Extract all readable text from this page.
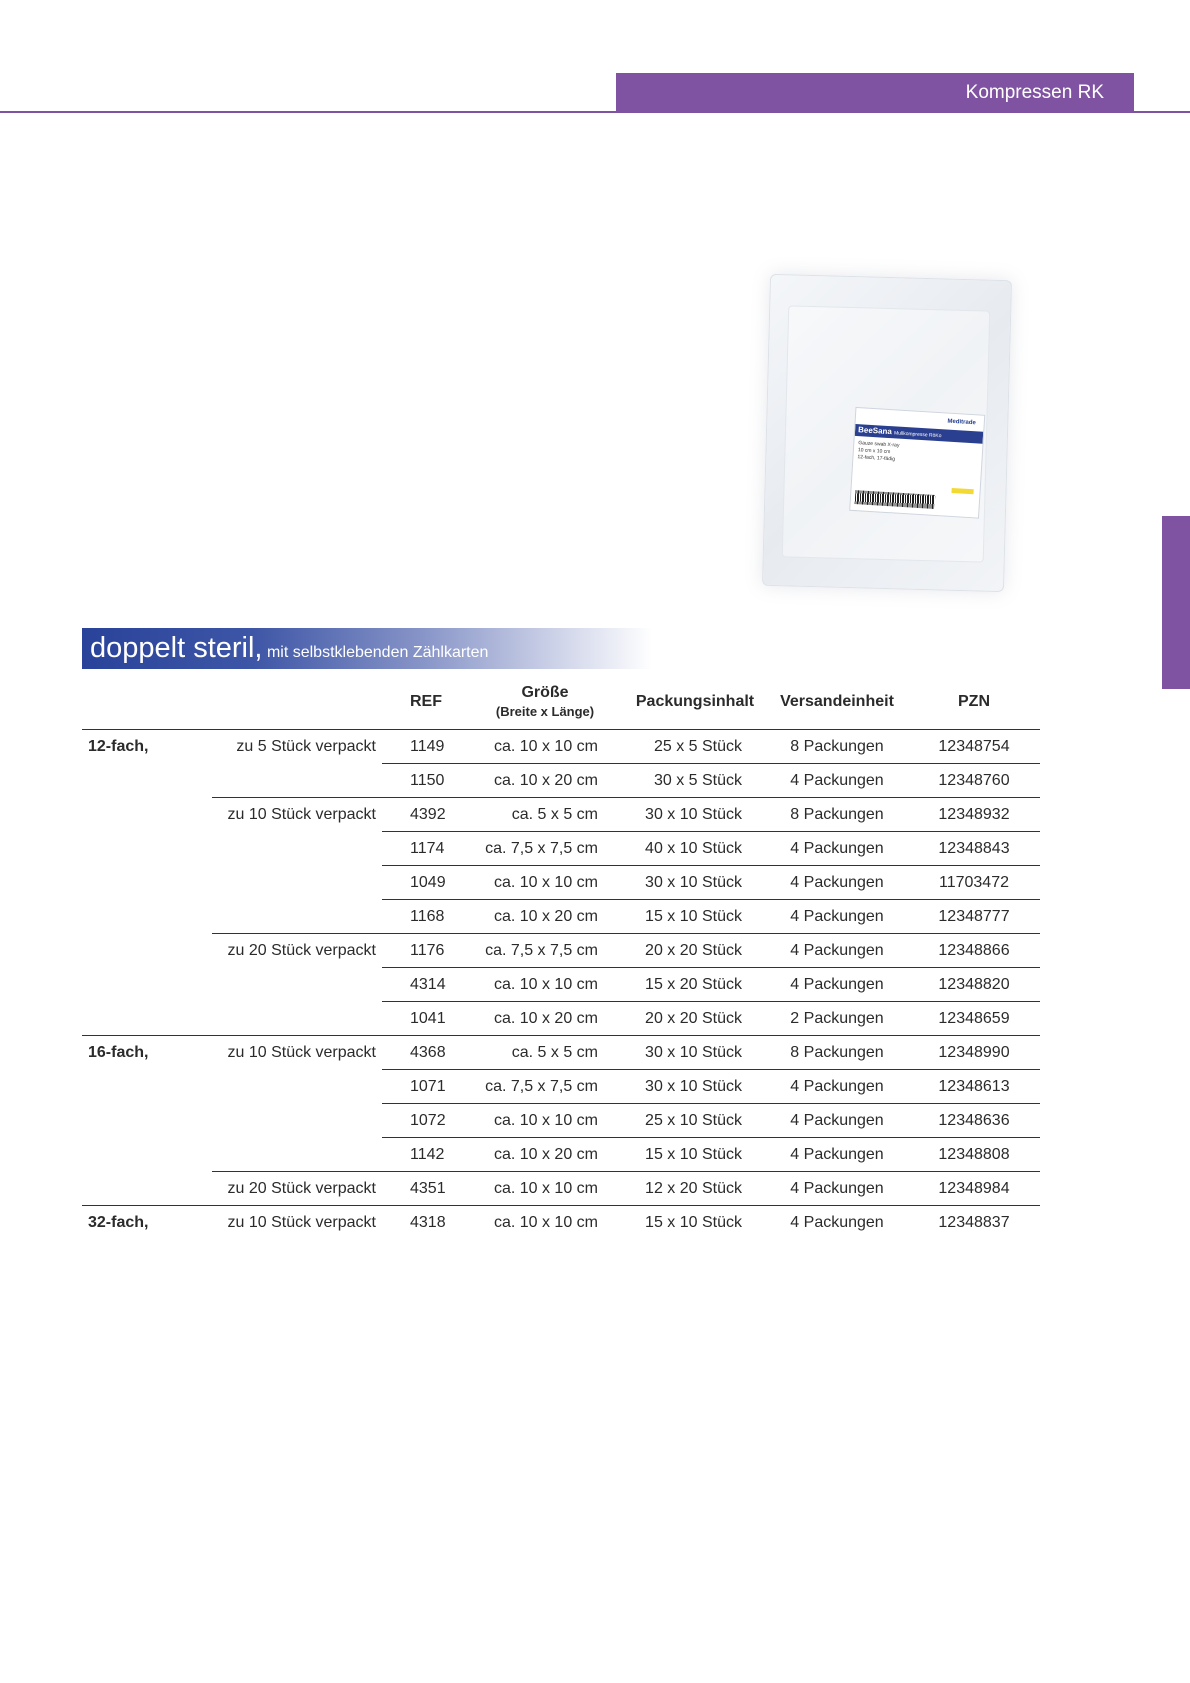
Kompressen RK
Meditrade
BeeSana Mullkompresse RöKo
Gauze swab X-ray
10 cm x 10 cm
12-fach, 17-fädig
doppelt steril, mit selbstklebenden Zählkarten
		REF	Größe
(Breite x Länge)	Packungsinhalt	Versandeinheit	PZN
12-fach,	zu 5 Stück verpackt	1149	ca. 10 x 10 cm	25 x 5 Stück	8 Packungen	12348754
		1150	ca. 10 x 20 cm	30 x 5 Stück	4 Packungen	12348760
	zu 10 Stück verpackt	4392	ca. 5 x 5 cm	30 x 10 Stück	8 Packungen	12348932
		1174	ca. 7,5 x 7,5 cm	40 x 10 Stück	4 Packungen	12348843
		1049	ca. 10 x 10 cm	30 x 10 Stück	4 Packungen	11703472
		1168	ca. 10 x 20 cm	15 x 10 Stück	4 Packungen	12348777
	zu 20 Stück verpackt	1176	ca. 7,5 x 7,5 cm	20 x 20 Stück	4 Packungen	12348866
		4314	ca. 10 x 10 cm	15 x 20 Stück	4 Packungen	12348820
		1041	ca. 10 x 20 cm	20 x 20 Stück	2 Packungen	12348659
16-fach,	zu 10 Stück verpackt	4368	ca. 5 x 5 cm	30 x 10 Stück	8 Packungen	12348990
		1071	ca. 7,5 x 7,5 cm	30 x 10 Stück	4 Packungen	12348613
		1072	ca. 10 x 10 cm	25 x 10 Stück	4 Packungen	12348636
		1142	ca. 10 x 20 cm	15 x 10 Stück	4 Packungen	12348808
	zu 20 Stück verpackt	4351	ca. 10 x 10 cm	12 x 20 Stück	4 Packungen	12348984
32-fach,	zu 10 Stück verpackt	4318	ca. 10 x 10 cm	15 x 10 Stück	4 Packungen	12348837
